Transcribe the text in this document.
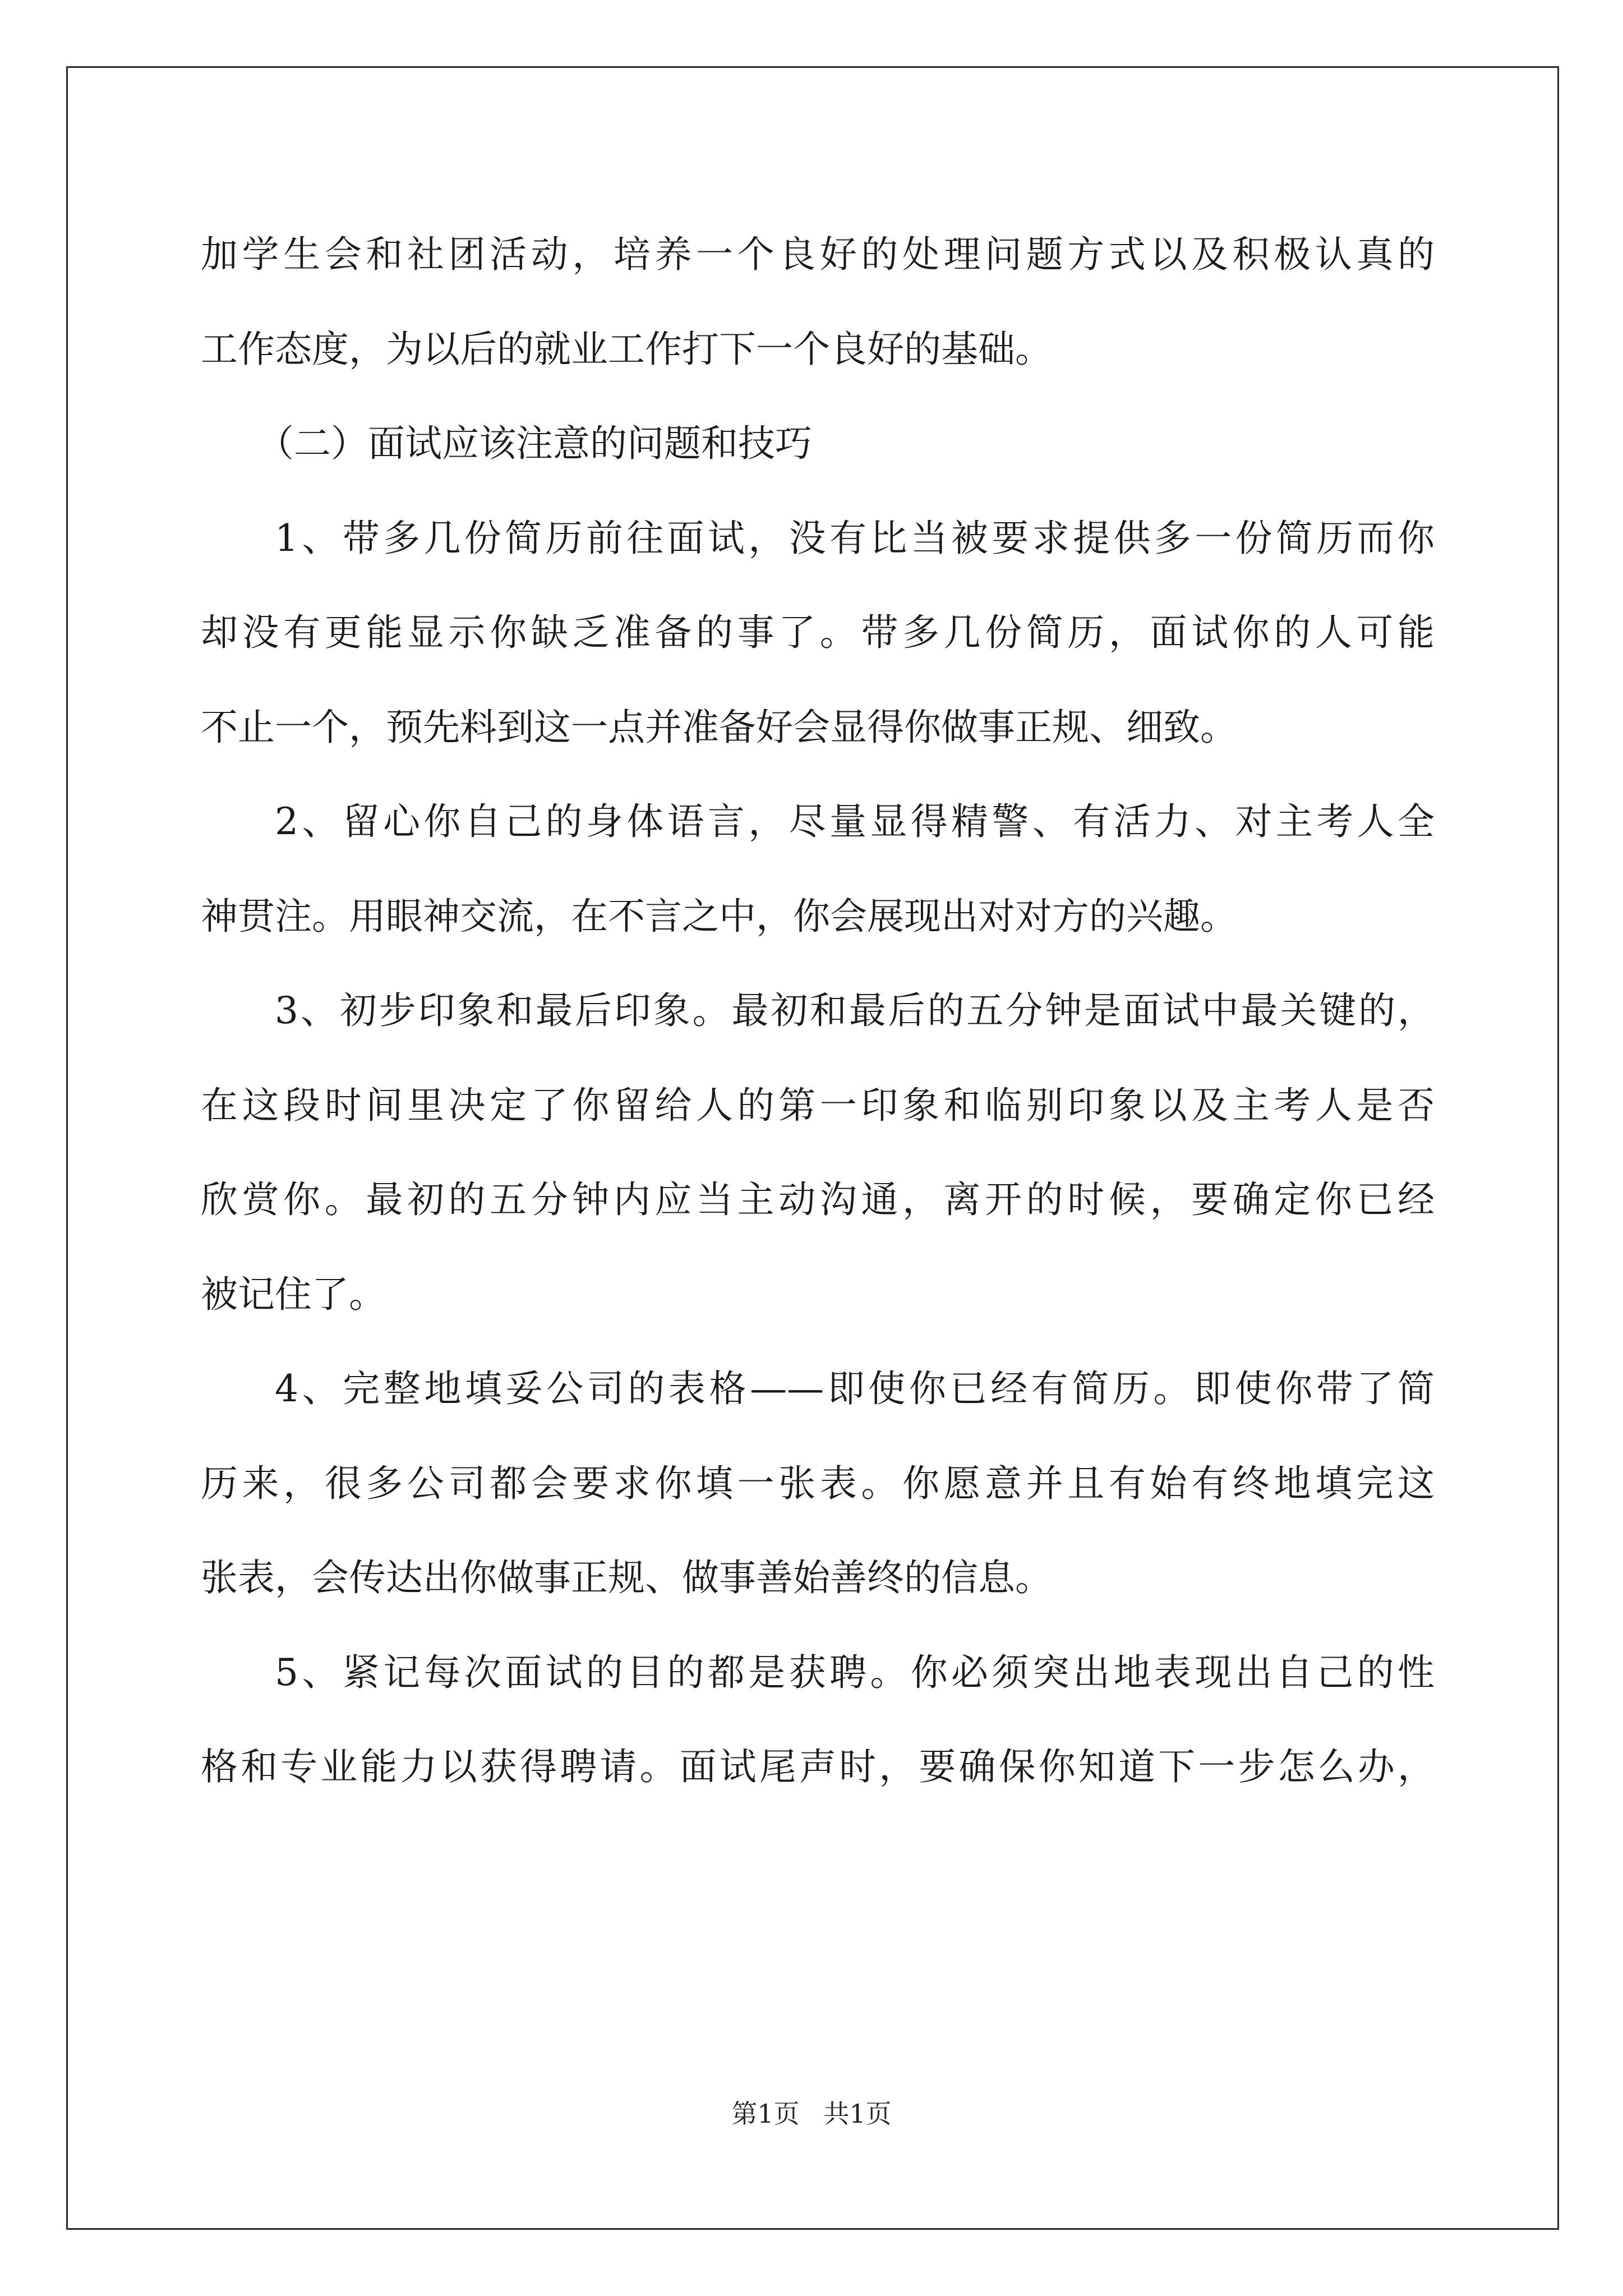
加学生会和社团活动，培养一个良好的处理问题方式以及积极认真的
工作态度，为以后的就业工作打下一个良好的基础。
（二）面试应该注意的问题和技巧
1、带多几份简历前往面试，没有比当被要求提供多一份简历而你
却没有更能显示你缺乏准备的事了。带多几份简历，面试你的人可能
不止一个，预先料到这一点并准备好会显得你做事正规、细致。
2、留心你自己的身体语言，尽量显得精警、有活力、对主考人全
神贯注。用眼神交流，在不言之中，你会展现出对对方的兴趣。
3、初步印象和最后印象。最初和最后的五分钟是面试中最关键的，
在这段时间里决定了你留给人的第一印象和临别印象以及主考人是否
欣赏你。最初的五分钟内应当主动沟通，离开的时候，要确定你已经
被记住了。
4、完整地填妥公司的表格——即使你已经有简历。即使你带了简
历来，很多公司都会要求你填一张表。你愿意并且有始有终地填完这
张表，会传达出你做事正规、做事善始善终的信息。
5、紧记每次面试的目的都是获聘。你必须突出地表现出自己的性
格和专业能力以获得聘请。面试尾声时，要确保你知道下一步怎么办，
第1页 共1页
